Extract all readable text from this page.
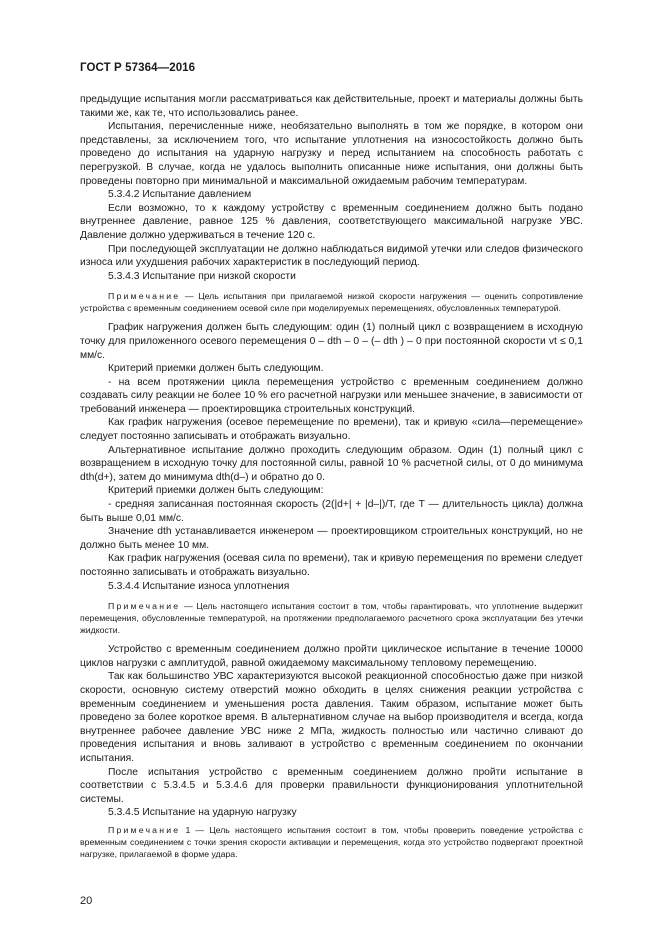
ГОСТ Р 57364—2016

предыдущие испытания могли рассматриваться как действительные, проект и материалы должны быть такими же, как те, что использовались ранее.

Испытания, перечисленные ниже, необязательно выполнять в том же порядке, в котором они представлены, за исключением того, что испытание уплотнения на износостойкость должно быть проведено до испытания на ударную нагрузку и перед испытанием на способность работать с перегрузкой. В случае, когда не удалось выполнить описанные ниже испытания, они должны быть проведены повторно при минимальной и максимальной ожидаемым рабочим температурам.

5.3.4.2 Испытание давлением

Если возможно, то к каждому устройству с временным соединением должно быть подано внутреннее давление, равное 125 % давления, соответствующего максимальной нагрузке УВС. Давление должно удерживаться в течение 120 с.

При последующей эксплуатации не должно наблюдаться видимой утечки или следов физического износа или ухудшения рабочих характеристик в последующий период.

5.3.4.3 Испытание при низкой скорости

Примечание — Цель испытания при прилагаемой низкой скорости нагружения — оценить сопротивление устройства с временным соединением осевой силе при моделируемых перемещениях, обусловленных температурой.

График нагружения должен быть следующим: один (1) полный цикл с возвращением в исходную точку для приложенного осевого перемещения 0 – dth – 0 – (– dth ) – 0 при постоянной скорости vt ≤ 0,1 мм/с.

Критерий приемки должен быть следующим.

- на всем протяжении цикла перемещения устройство с временным соединением должно создавать силу реакции не более 10 % его расчетной нагрузки или меньшее значение, в зависимости от требований инженера — проектировщика строительных конструкций.

Как график нагружения (осевое перемещение по времени), так и кривую «сила—перемещение» следует постоянно записывать и отображать визуально.

Альтернативное испытание должно проходить следующим образом. Один (1) полный цикл с возвращением в исходную точку для постоянной силы, равной 10 % расчетной силы, от 0 до минимума dth(d+), затем до минимума dth(d–) и обратно до 0.

Критерий приемки должен быть следующим:

- средняя записанная постоянная скорость (2(|d+| + |d–|)/T, где T — длительность цикла) должна быть выше 0,01 мм/с.

Значение dth устанавливается инженером — проектировщиком строительных конструкций, но не должно быть менее 10 мм.

Как график нагружения (осевая сила по времени), так и кривую перемещения по времени следует постоянно записывать и отображать визуально.

5.3.4.4 Испытание износа уплотнения

Примечание — Цель настоящего испытания состоит в том, чтобы гарантировать, что уплотнение выдержит перемещения, обусловленные температурой, на протяжении предполагаемого расчетного срока эксплуатации без утечки жидкости.

Устройство с временным соединением должно пройти циклическое испытание в течение 10000 циклов нагрузки с амплитудой, равной ожидаемому максимальному тепловому перемещению.

Так как большинство УВС характеризуются высокой реакционной способностью даже при низкой скорости, основную систему отверстий можно обходить в целях снижения реакции устройства с временным соединением и уменьшения роста давления. Таким образом, испытание может быть проведено за более короткое время. В альтернативном случае на выбор производителя и всегда, когда внутреннее рабочее давление УВС ниже 2 МПа, жидкость полностью или частично сливают до проведения испытания и вновь заливают в устройство с временным соединением по окончании испытания.

После испытания устройство с временным соединением должно пройти испытание в соответствии с 5.3.4.5 и 5.3.4.6 для проверки правильности функционирования уплотнительной системы.

5.3.4.5 Испытание на ударную нагрузку

Примечание 1 — Цель настоящего испытания состоит в том, чтобы проверить поведение устройства с временным соединением с точки зрения скорости активации и перемещения, когда это устройство подвергают проектной нагрузке, прилагаемой в форме удара.

20
